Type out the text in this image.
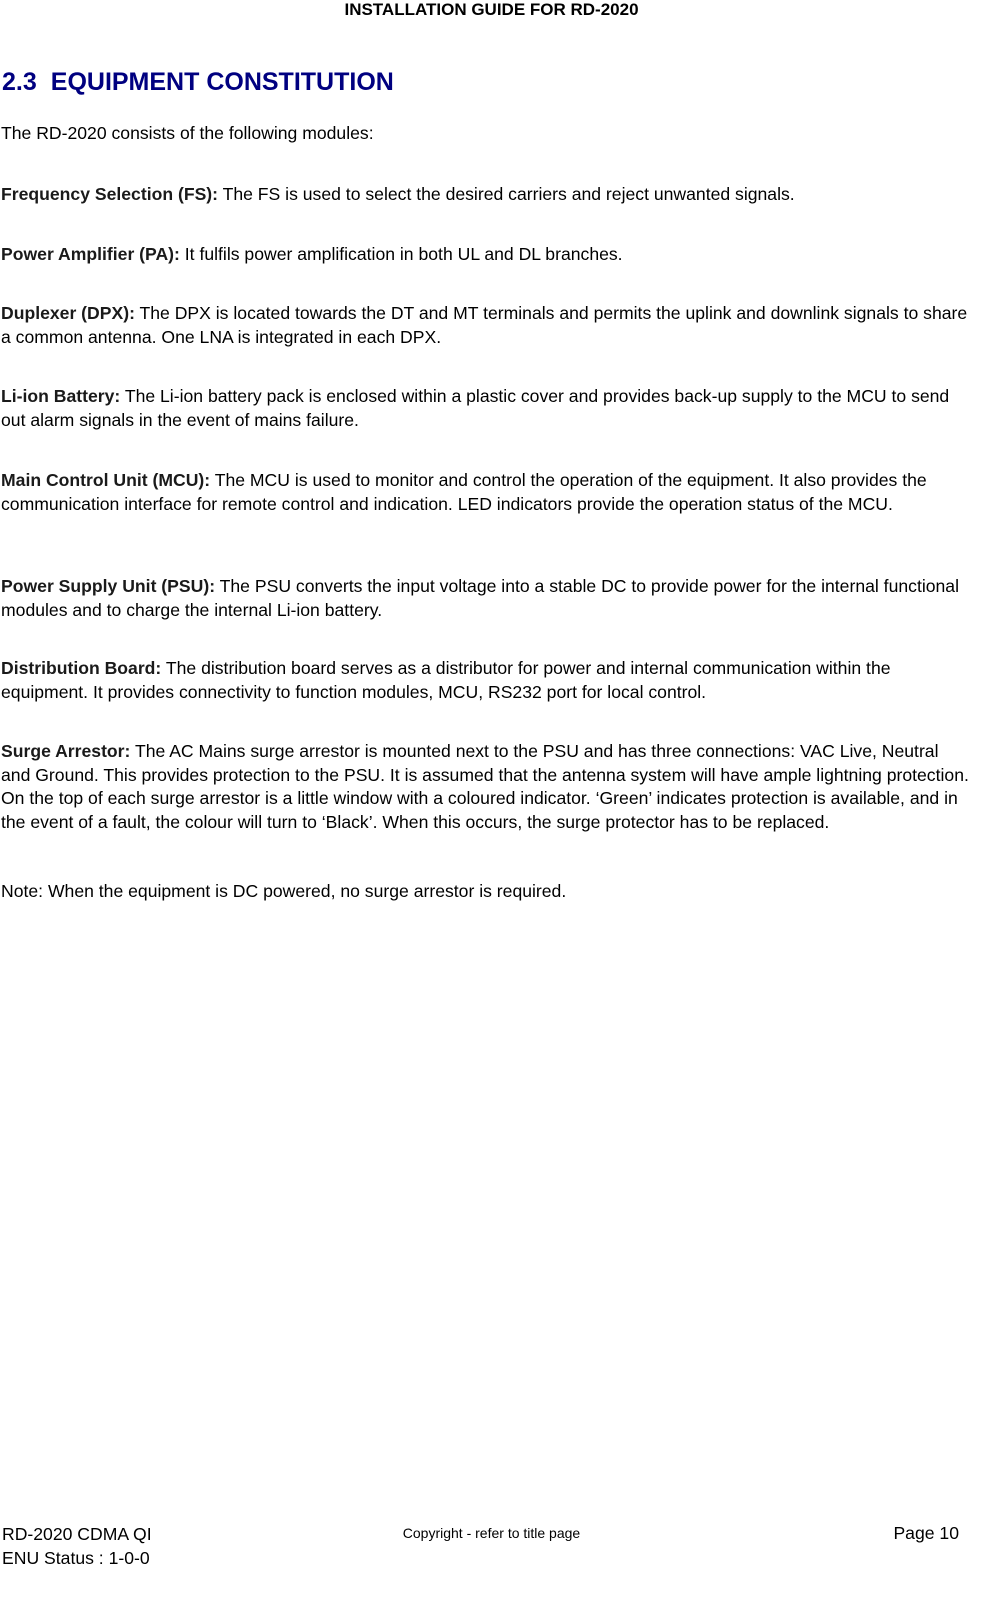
INSTALLATION GUIDE FOR RD-2020
2.3 EQUIPMENT CONSTITUTION

The RD-2020 consists of the following modules:

Frequency Selection (FS): The FS is used to select the desired carriers and reject unwanted signals.

Power Amplifier (PA): It fulfils power amplification in both UL and DL branches.

Duplexer (DPX): The DPX is located towards the DT and MT terminals and permits the uplink and downlink signals to share a common antenna. One LNA is integrated in each DPX.

Li-ion Battery: The Li-ion battery pack is enclosed within a plastic cover and provides back-up supply to the MCU to send out alarm signals in the event of mains failure.

Main Control Unit (MCU): The MCU is used to monitor and control the operation of the equipment. It also provides the communication interface for remote control and indication. LED indicators provide the operation status of the MCU.

Power Supply Unit (PSU): The PSU converts the input voltage into a stable DC to provide power for the internal functional modules and to charge the internal Li-ion battery.

Distribution Board: The distribution board serves as a distributor for power and internal communication within the equipment. It provides connectivity to function modules, MCU, RS232 port for local control.

Surge Arrestor: The AC Mains surge arrestor is mounted next to the PSU and has three connections: VAC Live, Neutral and Ground. This provides protection to the PSU. It is assumed that the antenna system will have ample lightning protection. On the top of each surge arrestor is a little window with a coloured indicator. ‘Green’ indicates protection is available, and in the event of a fault, the colour will turn to ‘Black’. When this occurs, the surge protector has to be replaced.

Note: When the equipment is DC powered, no surge arrestor is required.

RD-2020 CDMA QI
ENU Status : 1-0-0
Copyright - refer to title page	Page 10
